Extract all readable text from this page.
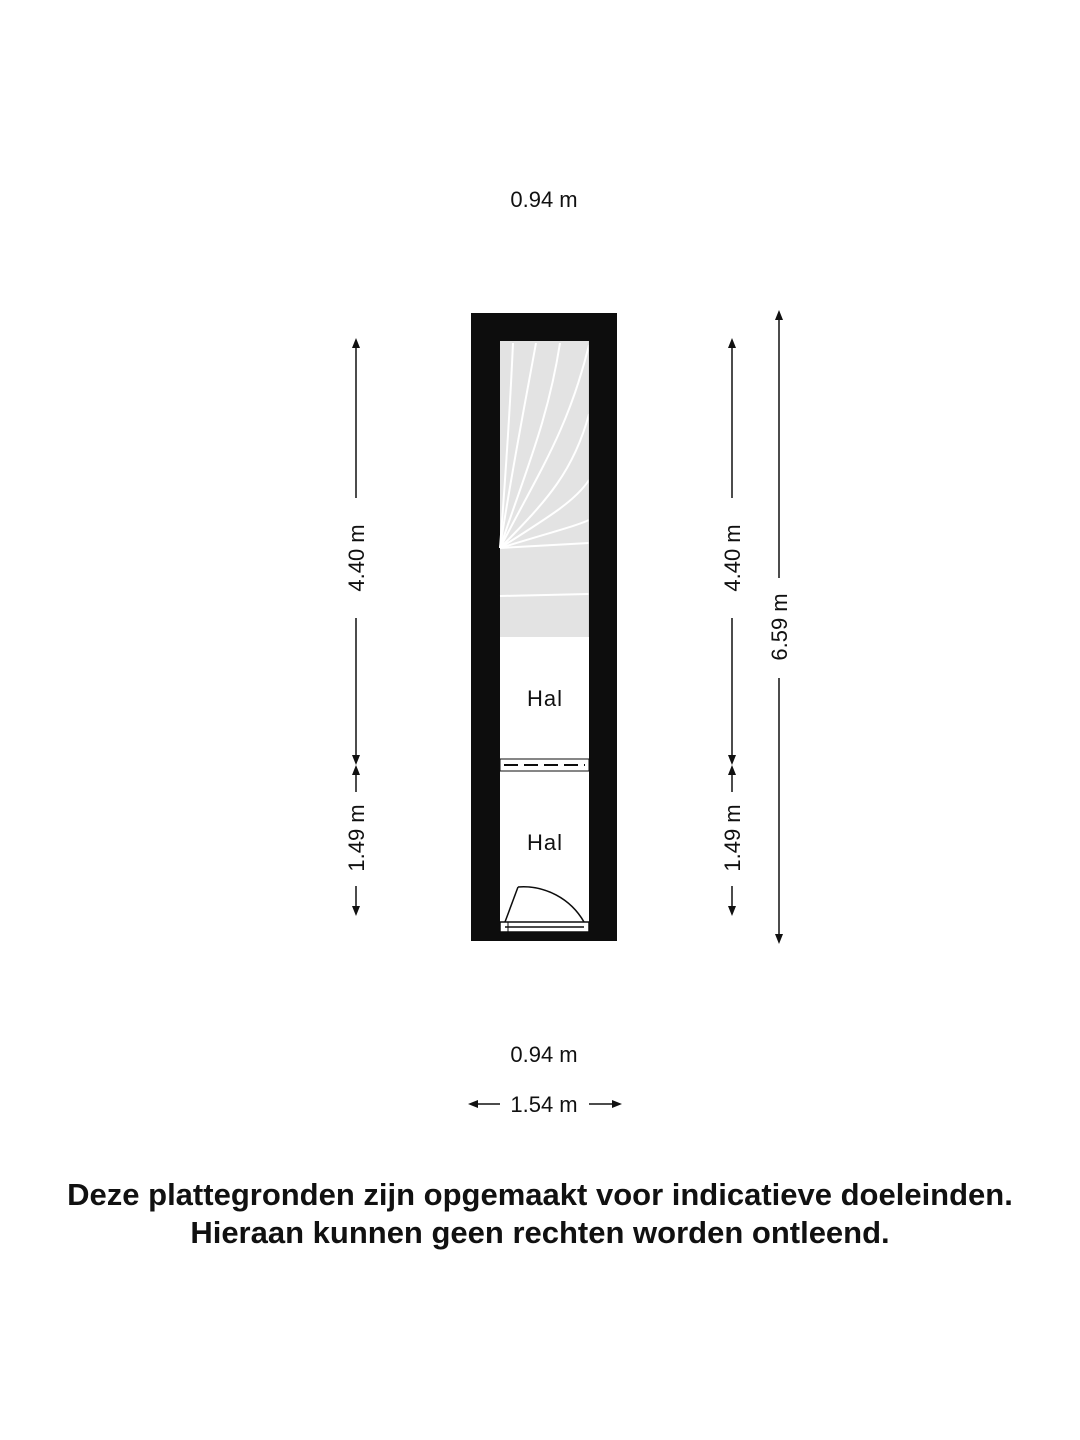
Hal
Hal
0.94 m
0.94 m
1.54 m
4.40 m
1.49 m
4.40 m
1.49 m
6.59 m
Deze plattegronden zijn opgemaakt voor indicatieve doeleinden.
Hieraan kunnen geen rechten worden ontleend.
